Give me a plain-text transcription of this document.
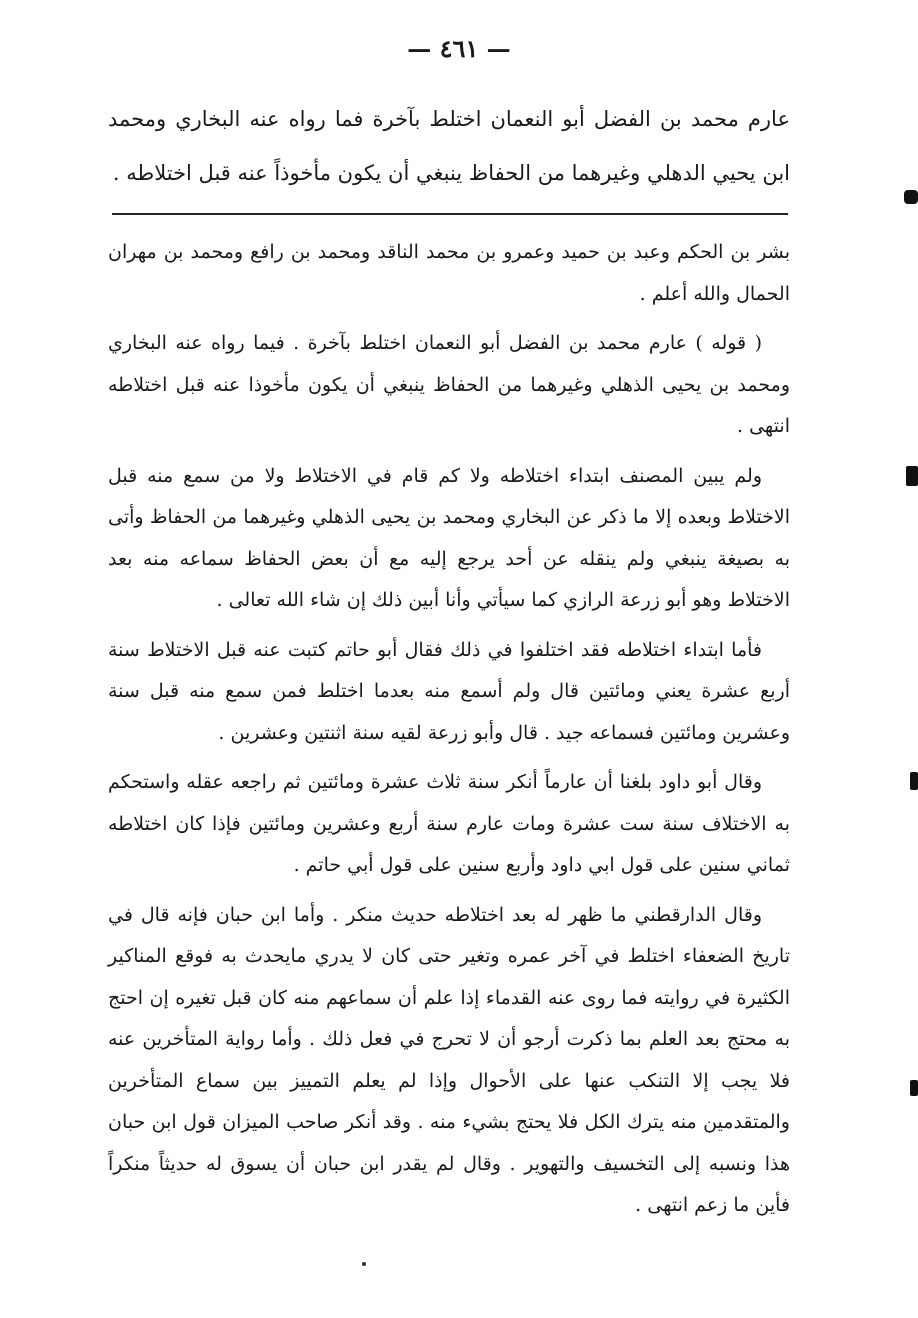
— ٤٦١ —
عارم محمد بن الفضل أبو النعمان اختلط بآخرة فما رواه عنه البخاري ومحمد ابن يحيي الدهلي وغيرهما من الحفاظ ينبغي أن يكون مأخوذاً عنه قبل اختلاطه .

بشر بن الحكم وعبد بن حميد وعمرو بن محمد الناقد ومحمد بن رافع ومحمد بن مهران الحمال والله أعلم .

( قوله ) عارم محمد بن الفضل أبو النعمان اختلط بآخرة . فيما رواه عنه البخاري ومحمد بن يحيى الذهلي وغيرهما من الحفاظ ينبغي أن يكون مأخوذا عنه قبل اختلاطه انتهى .

ولم يبين المصنف ابتداء اختلاطه ولا كم قام في الاختلاط ولا من سمع منه قبل الاختلاط وبعده إلا ما ذكر عن البخاري ومحمد بن يحيى الذهلي وغيرهما من الحفاظ وأتى به بصيغة ينبغي ولم ينقله عن أحد يرجع إليه مع أن بعض الحفاظ سماعه منه بعد الاختلاط وهو أبو زرعة الرازي كما سيأتي وأنا أبين ذلك إن شاء الله تعالى .

فأما ابتداء اختلاطه فقد اختلفوا في ذلك فقال أبو حاتم كتبت عنه قبل الاختلاط سنة أربع عشرة يعني ومائتين قال ولم أسمع منه بعدما اختلط فمن سمع منه قبل سنة وعشرين ومائتين فسماعه جيد . قال وأبو زرعة لقيه سنة اثنتين وعشرين .

وقال أبو داود بلغنا أن عارماً أنكر سنة ثلاث عشرة ومائتين ثم راجعه عقله واستحكم به الاختلاف سنة ست عشرة ومات عارم سنة أربع وعشرين ومائتين فإذا كان اختلاطه ثماني سنين على قول ابي داود وأربع سنين على قول أبي حاتم .

وقال الدارقطني ما ظهر له بعد اختلاطه حديث منكر . وأما ابن حبان فإنه قال في تاريخ الضعفاء اختلط في آخر عمره وتغير حتى كان لا يدري مايحدث به فوقع المناكير الكثيرة في روايته فما روى عنه القدماء إذا علم أن سماعهم منه كان قبل تغيره إن احتج به محتج بعد العلم بما ذكرت أرجو أن لا تحرج في فعل ذلك . وأما رواية المتأخرين عنه فلا يجب إلا التنكب عنها على الأحوال وإذا لم يعلم التمييز بين سماع المتأخرين والمتقدمين منه يترك الكل فلا يحتج بشيء منه . وقد أنكر صاحب الميزان قول ابن حبان هذا ونسبه إلى التخسيف والتهوير . وقال لم يقدر ابن حبان أن يسوق له حديثاً منكراً فأين ما زعم انتهى .
